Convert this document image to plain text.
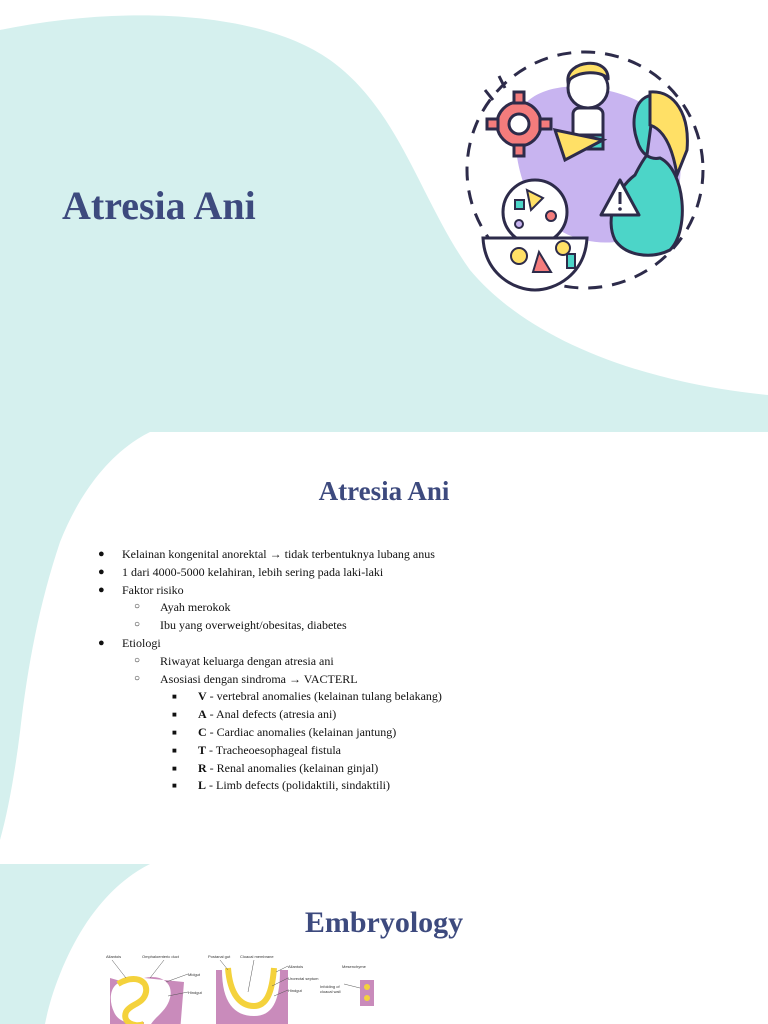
Atresia Ani
Atresia Ani
● Kelainan kongenital anorektal → tidak terbentuknya lubang anus
● 1 dari 4000-5000 kelahiran, lebih sering pada laki-laki
● Faktor risiko
○ Ayah merokok
○ Ibu yang overweight/obesitas, diabetes
● Etiologi
○ Riwayat keluarga dengan atresia ani
○ Asosiasi dengan sindroma → VACTERL
■ V - vertebral anomalies (kelainan tulang belakang)
■ A - Anal defects (atresia ani)
■ C - Cardiac anomalies (kelainan jantung)
■ T - Tracheoesophageal fistula
■ R - Renal anomalies (kelainan ginjal)
■ L - Limb defects (polidaktili, sindaktili)
Embryology
Allantois	Omphaloenteric duct
Midgut
Hindgut
Postanal gut Cloacal membrane
Allantois
Urorectal septum
Hindgut
Mesenchyme
Infolding of
cloacal wall
